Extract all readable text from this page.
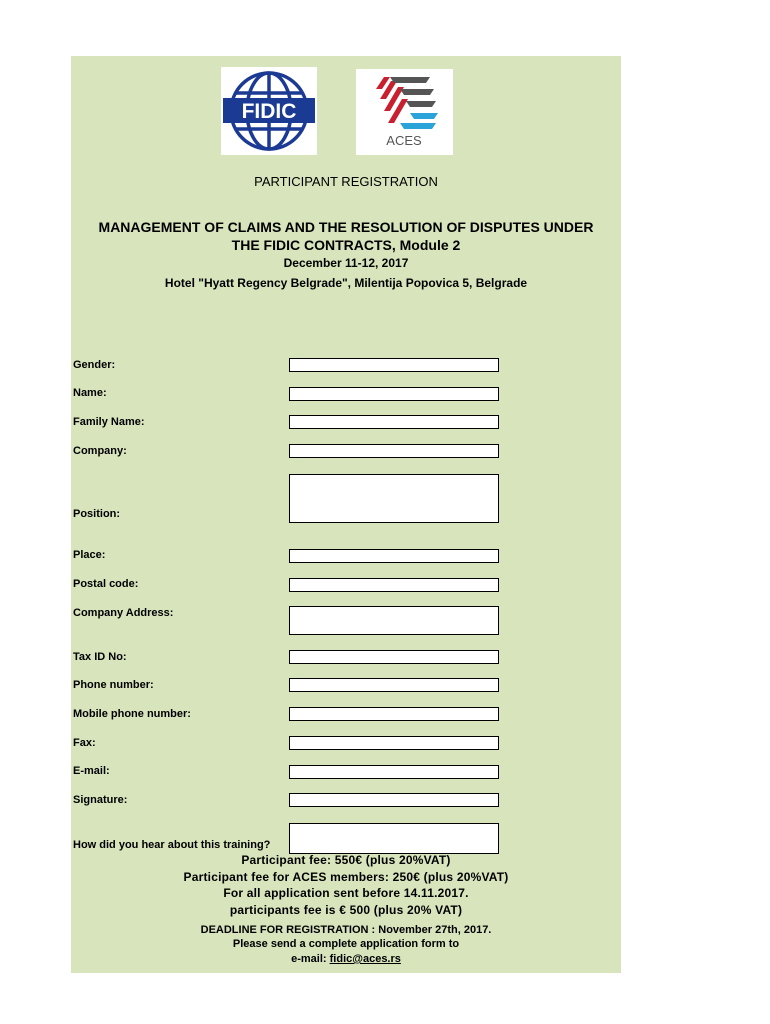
FIDIC
ACES
PARTICIPANT REGISTRATION
MANAGEMENT OF CLAIMS AND THE RESOLUTION OF DISPUTES UNDER
THE FIDIC CONTRACTS, Module 2
December 11-12, 2017
Hotel "Hyatt Regency Belgrade", Milentija Popovica 5, Belgrade
Gender:
Name:
Family Name:
Company:
Position:
Place:
Postal code:
Company Address:
Tax ID No:
Phone number:
Mobile phone number:
Fax:
E-mail:
Signature:
How did you hear about this training?
Participant fee: 550€ (plus 20%VAT)
Participant fee for ACES members: 250€ (plus 20%VAT)
For all application sent before 14.11.2017.
participants fee is € 500 (plus 20% VAT)
DEADLINE FOR REGISTRATION : November 27th, 2017.
Please send a complete application form to
e-mail: fidic@aces.rs
